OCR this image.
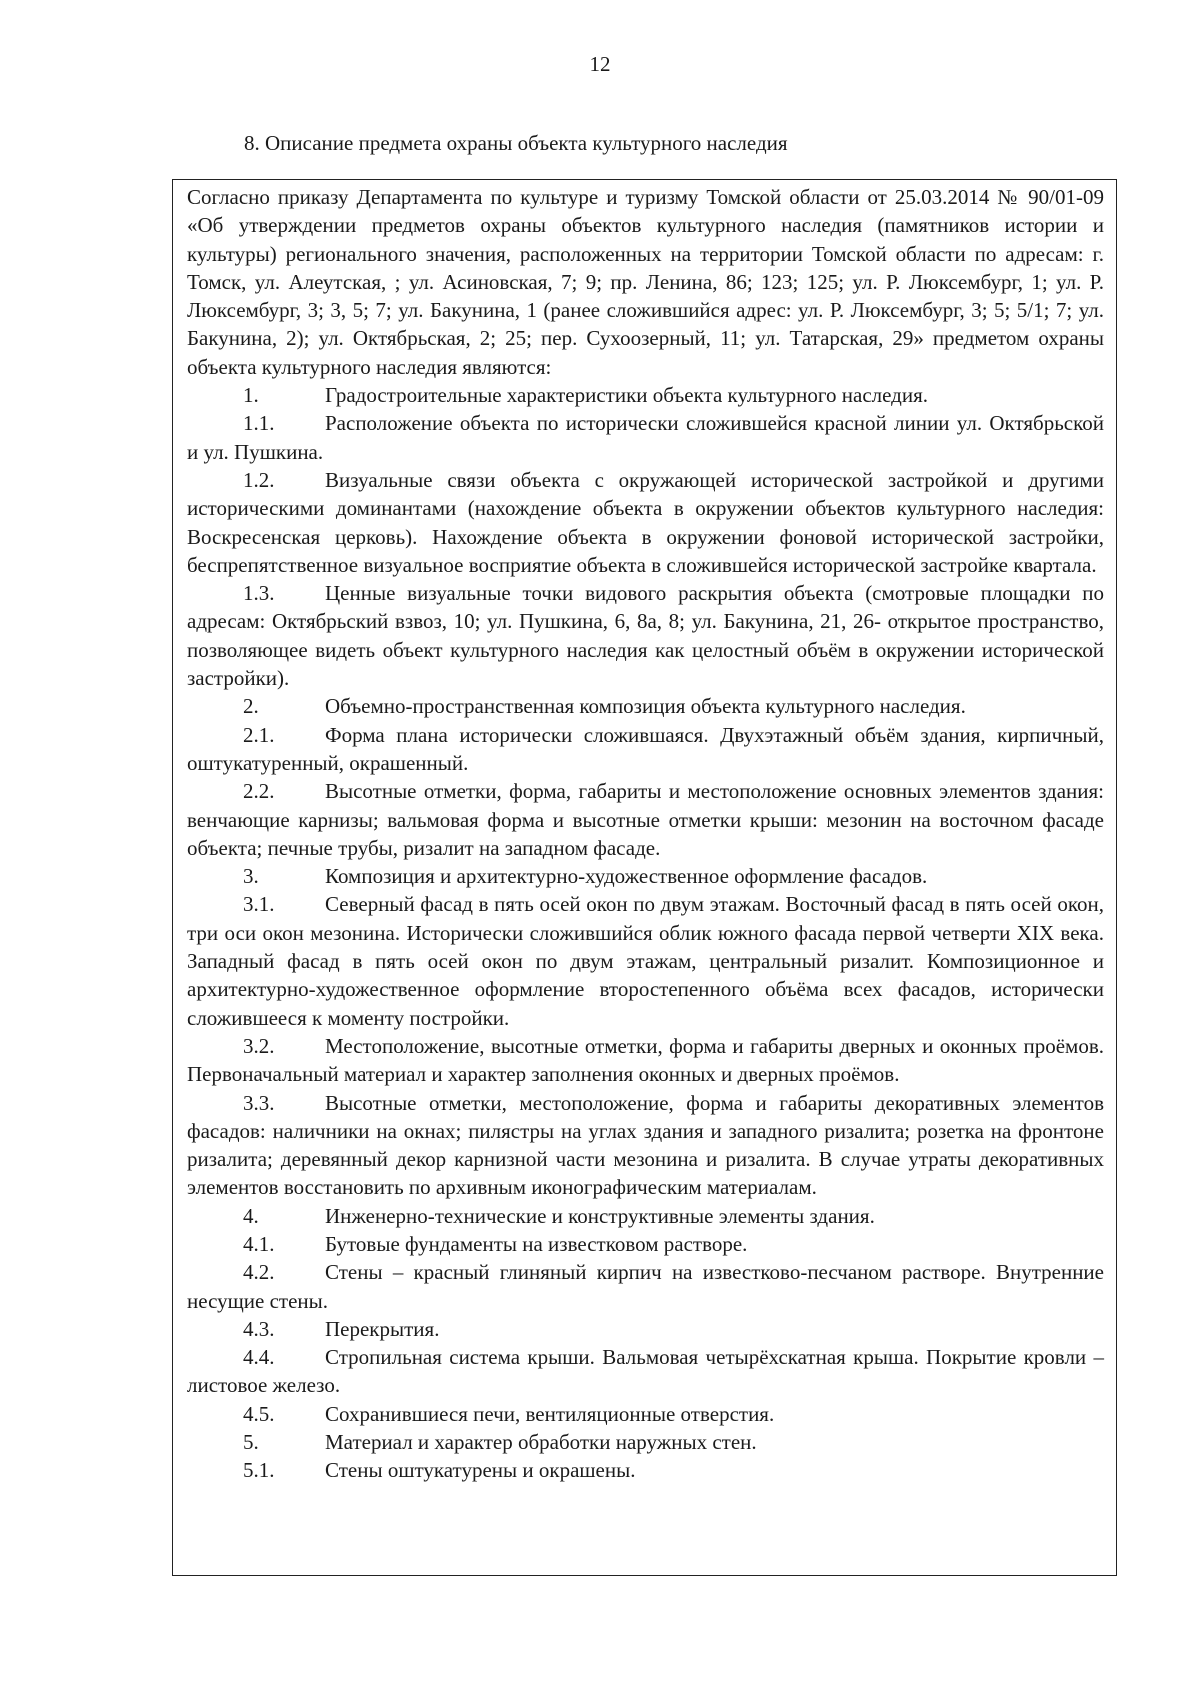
12
8. Описание предмета охраны объекта культурного наследия

Согласно приказу Департамента по культуре и туризму Томской области от 25.03.2014 № 90/01-09 «Об утверждении предметов охраны объектов культурного наследия (памятников истории и культуры) регионального значения, расположенных на территории Томской области по адресам: г. Томск, ул. Алеутская, ; ул. Асиновская, 7; 9; пр. Ленина, 86; 123; 125; ул. Р. Люксембург, 1; ул. Р. Люксембург, 3; 3, 5; 7; ул. Бакунина, 1 (ранее сложившийся адрес: ул. Р. Люксембург, 3; 5; 5/1; 7; ул. Бакунина, 2); ул. Октябрьская, 2; 25; пер. Сухоозерный, 11; ул. Татарская, 29» предметом охраны объекта культурного наследия являются:

1.	Градостроительные характеристики объекта культурного наследия.

1.1. Расположение объекта по исторически сложившейся красной линии ул. Октябрьской и ул. Пушкина.

1.2. Визуальные связи объекта с окружающей исторической застройкой и другими историческими доминантами (нахождение объекта в окружении объектов культурного наследия: Воскресенская церковь). Нахождение объекта в окружении фоновой исторической застройки, беспрепятственное визуальное восприятие объекта в сложившейся исторической застройке квартала.

1.3. Ценные визуальные точки видового раскрытия объекта (смотровые площадки по адресам: Октябрьский взвоз, 10; ул. Пушкина, 6, 8а, 8; ул. Бакунина, 21, 26- открытое пространство, позволяющее видеть объект культурного наследия как целостный объём в окружении исторической застройки).

2.	Объемно-пространственная композиция объекта культурного наследия.

2.1. Форма плана исторически сложившаяся. Двухэтажный объём здания, кирпичный, оштукатуренный, окрашенный.

2.2. Высотные отметки, форма, габариты и местоположение основных элементов здания: венчающие карнизы; вальмовая форма и высотные отметки крыши: мезонин на восточном фасаде объекта; печные трубы, ризалит на западном фасаде.

3.	Композиция и архитектурно-художественное оформление фасадов.

3.1. Северный фасад в пять осей окон по двум этажам. Восточный фасад в пять осей окон, три оси окон мезонина. Исторически сложившийся облик южного фасада первой четверти XIX века. Западный фасад в пять осей окон по двум этажам, центральный ризалит. Композиционное и архитектурно-художественное оформление второстепенного объёма всех фасадов, исторически сложившееся к моменту постройки.

3.2. Местоположение, высотные отметки, форма и габариты дверных и оконных проёмов. Первоначальный материал и характер заполнения оконных и дверных проёмов.

3.3. Высотные отметки, местоположение, форма и габариты декоративных элементов фасадов: наличники на окнах; пилястры на углах здания и западного ризалита; розетка на фронтоне ризалита; деревянный декор карнизной части мезонина и ризалита. В случае утраты декоративных элементов восстановить по архивным иконографическим материалам.

4.	Инженерно-технические и конструктивные элементы здания.

4.1. Бутовые фундаменты на известковом растворе.

4.2. Стены – красный глиняный кирпич на известково-песчаном растворе. Внутренние несущие стены.

4.3. Перекрытия.

4.4. Стропильная система крыши. Вальмовая четырёхскатная крыша. Покрытие кровли – листовое железо.

4.5. Сохранившиеся печи, вентиляционные отверстия.

5.	Материал и характер обработки наружных стен.

5.1. Стены оштукатурены и окрашены.
